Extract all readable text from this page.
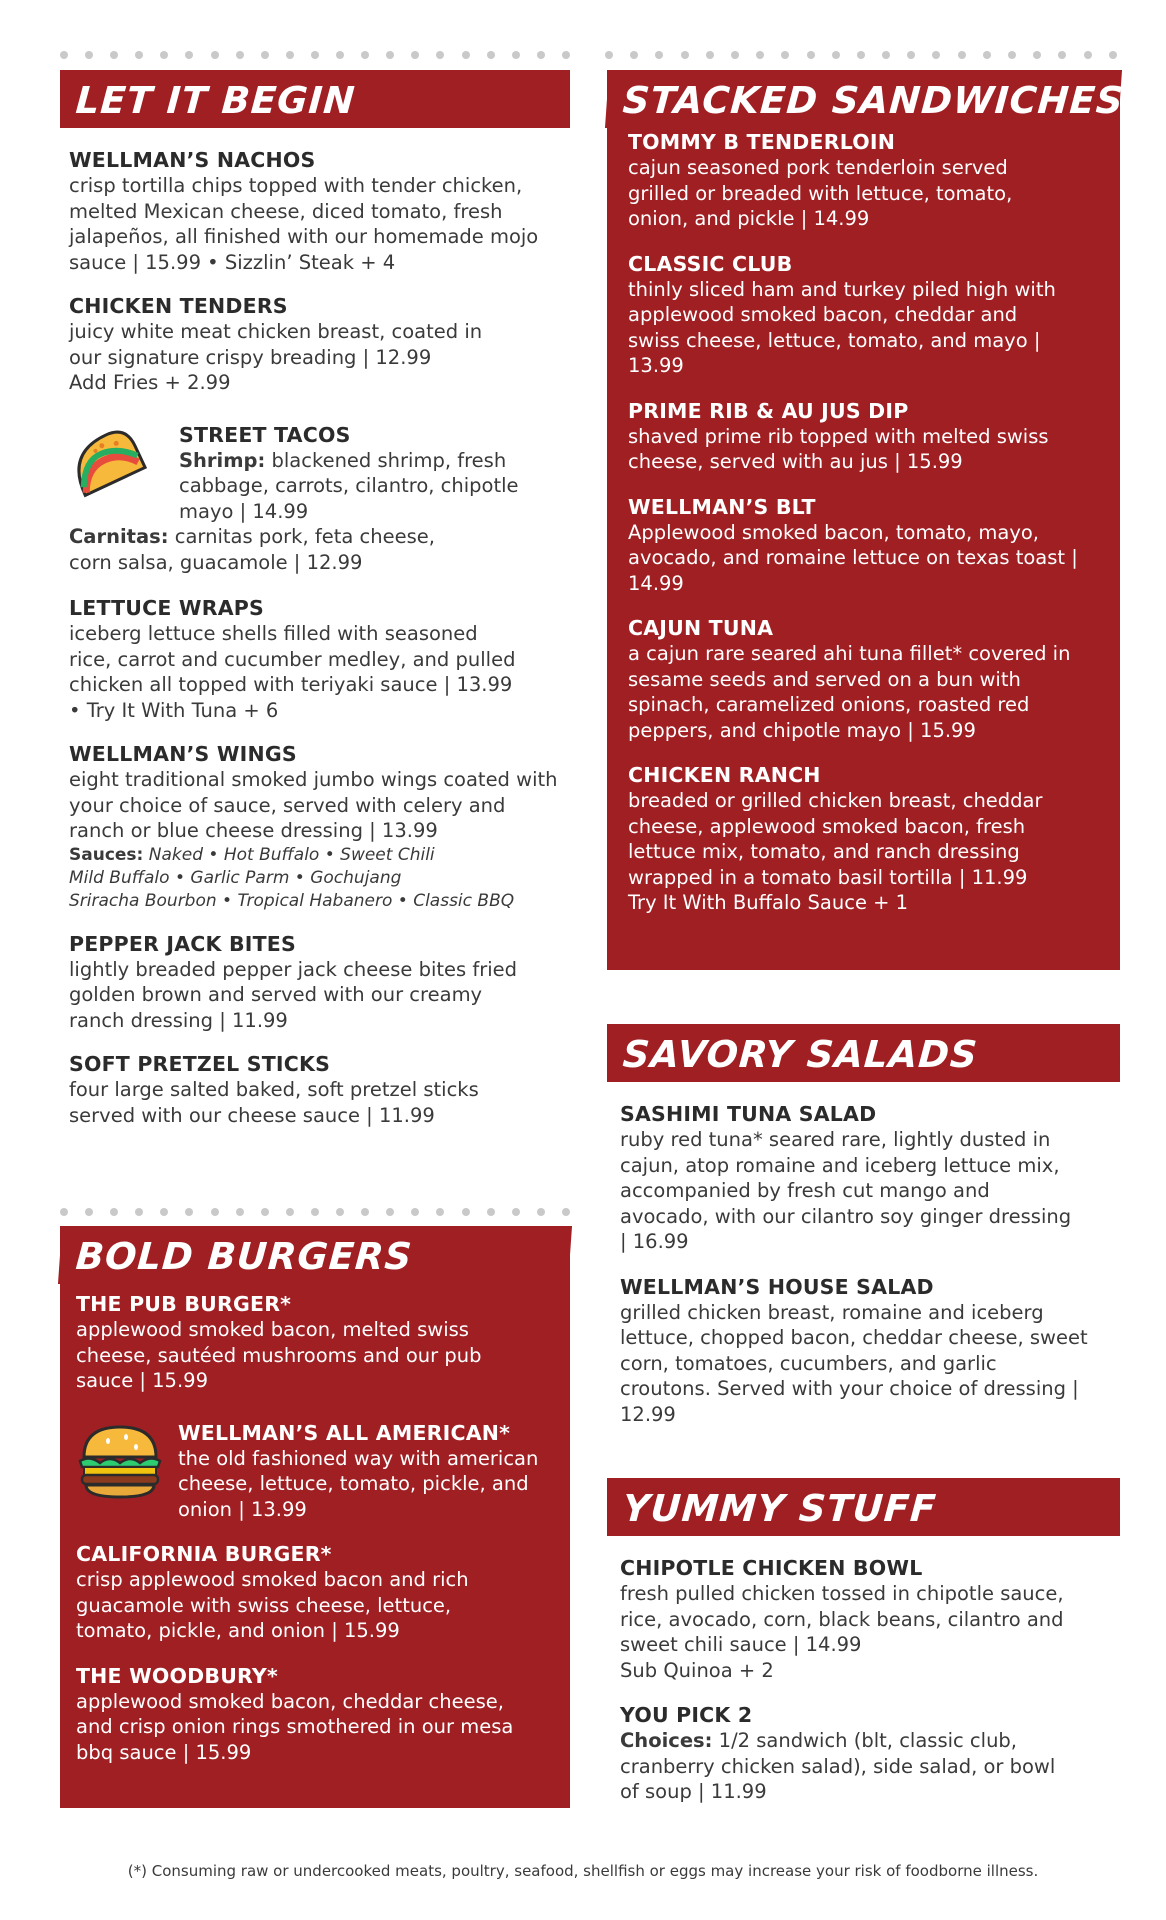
LET IT BEGIN
WELLMAN’S NACHOS
crisp tortilla chips topped with tender chicken, melted Mexican cheese, diced tomato, fresh jalapeños, all finished with our homemade mojo sauce | 15.99 • Sizzlin’ Steak + 4
CHICKEN TENDERS
juicy white meat chicken breast, coated in our signature crispy breading | 12.99
Add Fries + 2.99
STREET TACOS
Shrimp: blackened shrimp, fresh cabbage, carrots, cilantro, chipotle mayo | 14.99
Carnitas: carnitas pork, feta cheese, corn salsa, guacamole | 12.99
LETTUCE WRAPS
iceberg lettuce shells filled with seasoned rice, carrot and cucumber medley, and pulled chicken all topped with teriyaki sauce | 13.99 • Try It With Tuna + 6
WELLMAN’S WINGS
eight traditional smoked jumbo wings coated with your choice of sauce, served with celery and ranch or blue cheese dressing | 13.99
Sauces: Naked • Hot Buffalo • Sweet Chili
Mild Buffalo • Garlic Parm • Gochujang
Sriracha Bourbon • Tropical Habanero • Classic BBQ
PEPPER JACK BITES
lightly breaded pepper jack cheese bites fried golden brown and served with our creamy ranch dressing | 11.99
SOFT PRETZEL STICKS
four large salted baked, soft pretzel sticks served with our cheese sauce | 11.99
BOLD BURGERS
THE PUB BURGER*
applewood smoked bacon, melted swiss cheese, sautéed mushrooms and our pub sauce | 15.99
WELLMAN’S ALL AMERICAN*
the old fashioned way with american cheese, lettuce, tomato, pickle, and onion | 13.99
CALIFORNIA BURGER*
crisp applewood smoked bacon and rich guacamole with swiss cheese, lettuce, tomato, pickle, and onion | 15.99
THE WOODBURY*
applewood smoked bacon, cheddar cheese, and crisp onion rings smothered in our mesa bbq sauce | 15.99
STACKED SANDWICHES
TOMMY B TENDERLOIN
cajun seasoned pork tenderloin served grilled or breaded with lettuce, tomato, onion, and pickle | 14.99
CLASSIC CLUB
thinly sliced ham and turkey piled high with applewood smoked bacon, cheddar and swiss cheese, lettuce, tomato, and mayo | 13.99
PRIME RIB & AU JUS DIP
shaved prime rib topped with melted swiss cheese, served with au jus | 15.99
WELLMAN’S BLT
Applewood smoked bacon, tomato, mayo, avocado, and romaine lettuce on texas toast | 14.99
CAJUN TUNA
a cajun rare seared ahi tuna fillet* covered in sesame seeds and served on a bun with spinach, caramelized onions, roasted red peppers, and chipotle mayo | 15.99
CHICKEN RANCH
breaded or grilled chicken breast, cheddar cheese, applewood smoked bacon, fresh lettuce mix, tomato, and ranch dressing wrapped in a tomato basil tortilla | 11.99
Try It With Buffalo Sauce + 1
SAVORY SALADS
SASHIMI TUNA SALAD
ruby red tuna* seared rare, lightly dusted in cajun, atop romaine and iceberg lettuce mix, accompanied by fresh cut mango and avocado, with our cilantro soy ginger dressing | 16.99
WELLMAN’S HOUSE SALAD
grilled chicken breast, romaine and iceberg lettuce, chopped bacon, cheddar cheese, sweet corn, tomatoes, cucumbers, and garlic croutons. Served with your choice of dressing | 12.99
YUMMY STUFF
CHIPOTLE CHICKEN BOWL
fresh pulled chicken tossed in chipotle sauce, rice, avocado, corn, black beans, cilantro and sweet chili sauce | 14.99
Sub Quinoa + 2
YOU PICK 2
Choices: 1/2 sandwich (blt, classic club, cranberry chicken salad), side salad, or bowl of soup | 11.99
(*) Consuming raw or undercooked meats, poultry, seafood, shellfish or eggs may increase your risk of foodborne illness.
